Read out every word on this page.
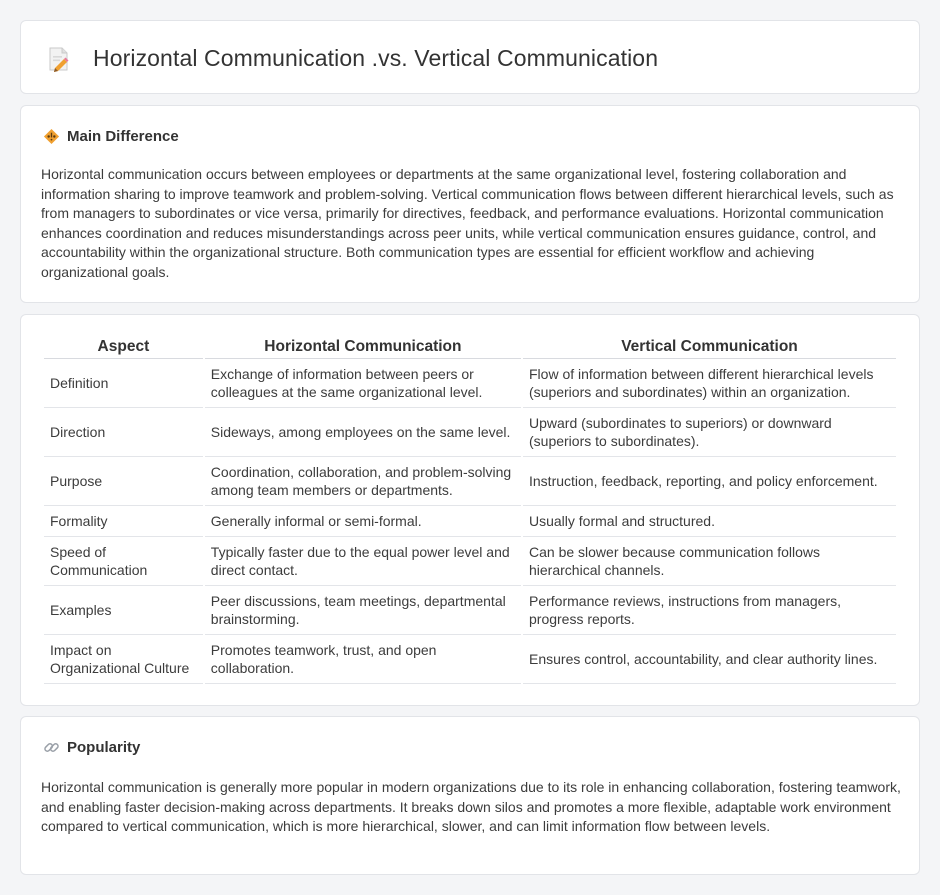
Horizontal Communication .vs. Vertical Communication
Main Difference

Horizontal communication occurs between employees or departments at the same organizational level, fostering collaboration and information sharing to improve teamwork and problem-solving. Vertical communication flows between different hierarchical levels, such as from managers to subordinates or vice versa, primarily for directives, feedback, and performance evaluations. Horizontal communication enhances coordination and reduces misunderstandings across peer units, while vertical communication ensures guidance, control, and accountability within the organizational structure. Both communication types are essential for efficient workflow and achieving organizational goals.

Aspect	Horizontal Communication	Vertical Communication
Definition	Exchange of information between peers or colleagues at the same organizational level.	Flow of information between different hierarchical levels (superiors and subordinates) within an organization.
Direction	Sideways, among employees on the same level.	Upward (subordinates to superiors) or downward (superiors to subordinates).
Purpose	Coordination, collaboration, and problem-solving among team members or departments.	Instruction, feedback, reporting, and policy enforcement.
Formality	Generally informal or semi-formal.	Usually formal and structured.
Speed of Communication	Typically faster due to the equal power level and direct contact.	Can be slower because communication follows hierarchical channels.
Examples	Peer discussions, team meetings, departmental brainstorming.	Performance reviews, instructions from managers, progress reports.
Impact on Organizational Culture	Promotes teamwork, trust, and open collaboration.	Ensures control, accountability, and clear authority lines.
Popularity

Horizontal communication is generally more popular in modern organizations due to its role in enhancing collaboration, fostering teamwork, and enabling faster decision-making across departments. It breaks down silos and promotes a more flexible, adaptable work environment compared to vertical communication, which is more hierarchical, slower, and can limit information flow between levels.
